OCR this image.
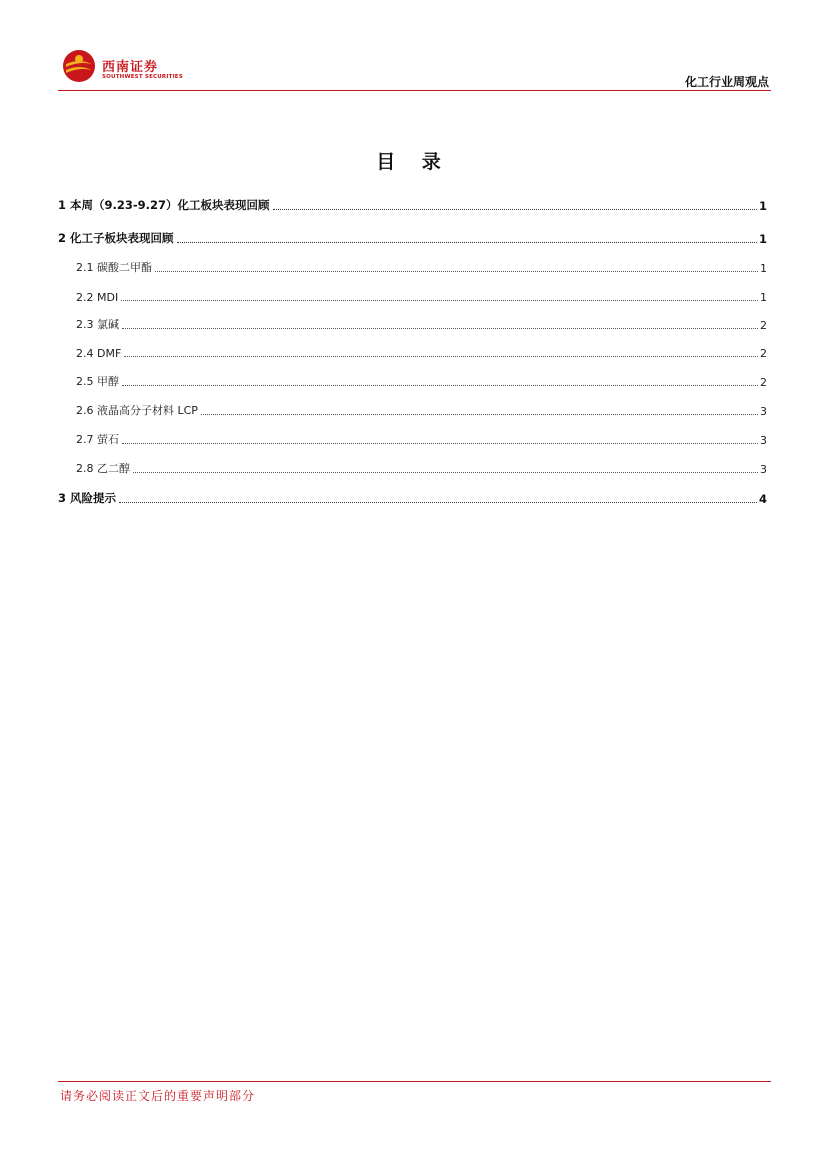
西南证券
SOUTHWEST SECURITIES	化工行业周观点
目 录
1 本周（9.23-9.27）化工板块表现回顾	1
2 化工子板块表现回顾	1
2.1 碳酸二甲酯	1
2.2 MDI	1
2.3 氯碱	2
2.4 DMF	2
2.5 甲醇	2
2.6 液晶高分子材料 LCP	3
2.7 萤石	3
2.8 乙二醇	3
3 风险提示	4
请务必阅读正文后的重要声明部分
